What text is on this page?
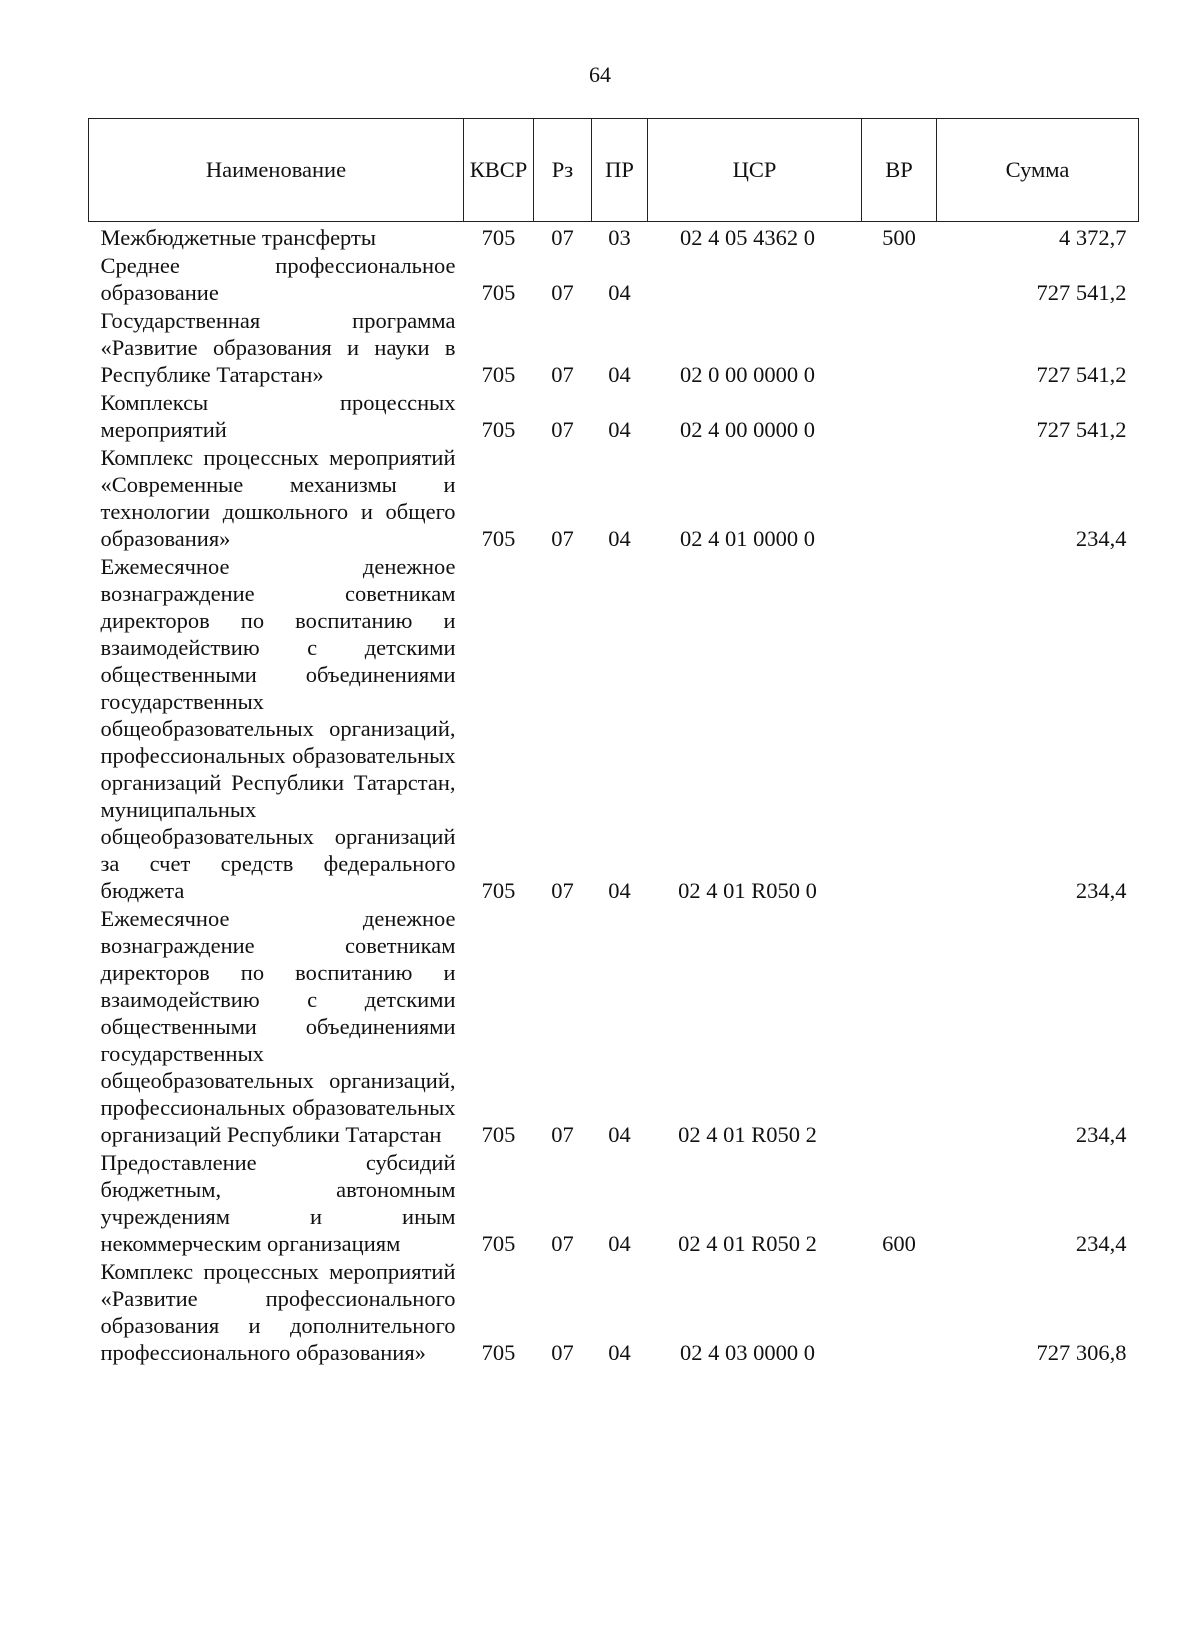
64
Наименование	КВСР	Рз	ПР	ЦСР	ВР	Сумма
Межбюджетные трансферты	705	07	03	02 4 05 4362 0	500	4 372,7
Среднее профессиональное образование	705	07	04			727 541,2
Государственная программа «Развитие образования и науки в Республике Татарстан»	705	07	04	02 0 00 0000 0		727 541,2
Комплексы процессных мероприятий	705	07	04	02 4 00 0000 0		727 541,2
Комплекс процессных мероприятий «Современные механизмы и технологии дошкольного и общего образования»	705	07	04	02 4 01 0000 0		234,4
Ежемесячное денежное вознаграждение советникам директоров по воспитанию и взаимодействию с детскими общественными объединениями государственных общеобразовательных организаций, профессиональных образовательных организаций Республики Татарстан, муниципальных общеобразовательных организаций за счет средств федерального бюджета	705	07	04	02 4 01 R050 0		234,4
Ежемесячное денежное вознаграждение советникам директоров по воспитанию и взаимодействию с детскими общественными объединениями государственных общеобразовательных организаций, профессиональных образовательных организаций Республики Татарстан	705	07	04	02 4 01 R050 2		234,4
Предоставление субсидий бюджетным, автономным учреждениям и иным некоммерческим организациям	705	07	04	02 4 01 R050 2	600	234,4
Комплекс процессных мероприятий «Развитие профессионального образования и дополнительного профессионального образования»	705	07	04	02 4 03 0000 0		727 306,8
